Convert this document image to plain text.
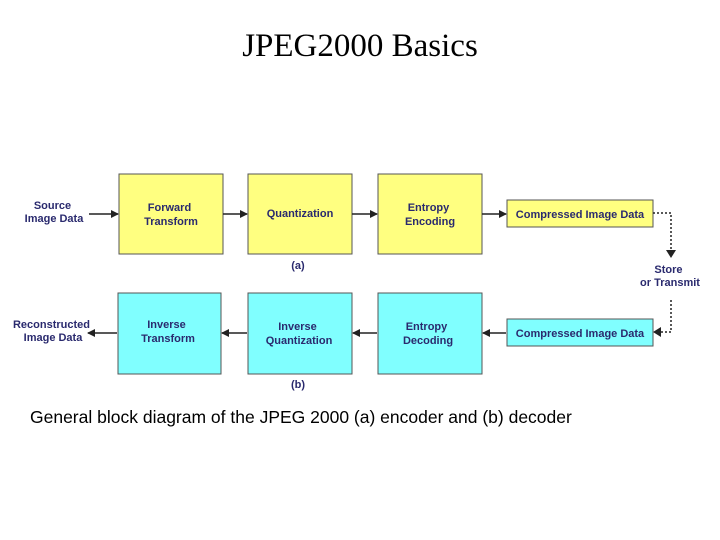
JPEG2000 Basics
Source Image Data
Forward Transform
Quantization	Entropy Encoding
Compressed Image Data
(a)	Store or Transmit
Compressed Image Data
Entropy Decoding
Inverse Quantization
Inverse Transform
(b)
Reconstructed Image Data
General block diagram of the JPEG 2000 (a) encoder and (b) decoder
